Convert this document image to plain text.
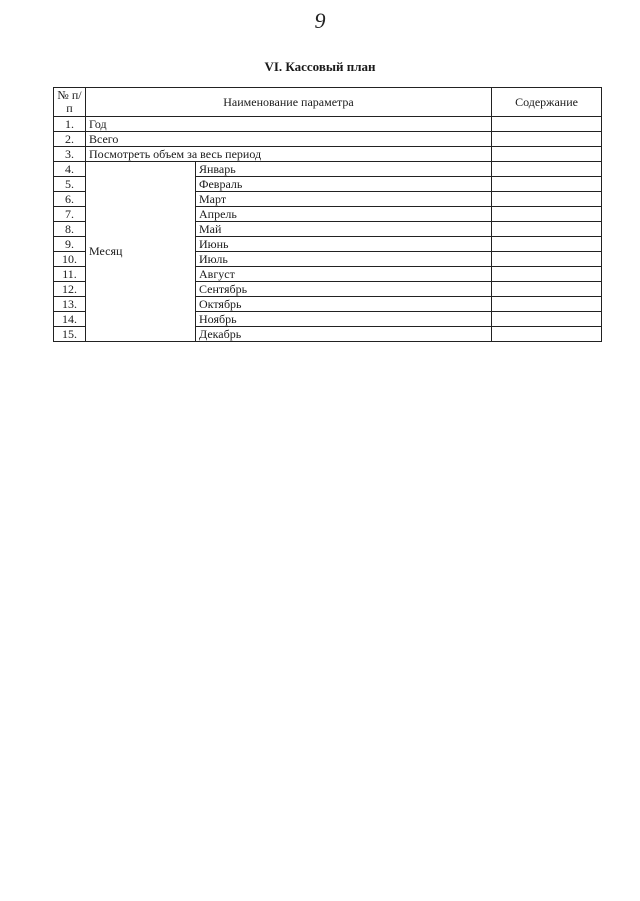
9
VI. Кассовый план
№ п/п	Наименование параметра		Содержание
1.	Год		
2.	Всего		
3.	Посмотреть объем за весь период		
4.	Месяц	Январь	
5.		Февраль	
6.		Март	
7.		Апрель	
8.		Май	
9.		Июнь	
10.		Июль	
11.		Август	
12.		Сентябрь	
13.		Октябрь	
14.		Ноябрь	
15.		Декабрь	
